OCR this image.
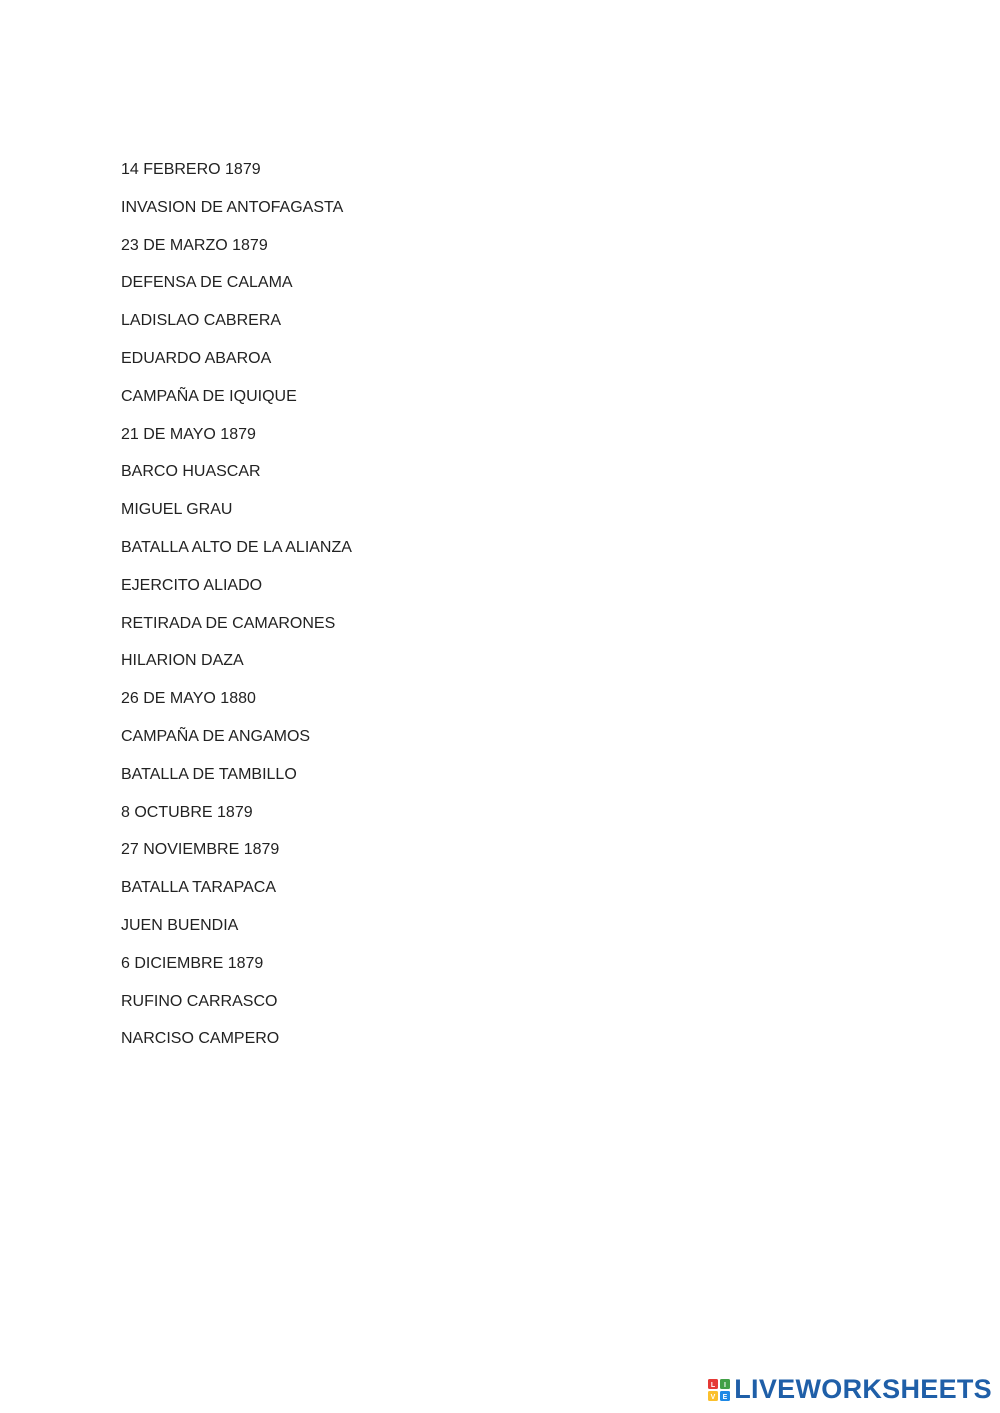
14 FEBRERO 1879
INVASION DE ANTOFAGASTA
23 DE MARZO 1879
DEFENSA DE CALAMA
LADISLAO CABRERA
EDUARDO ABAROA
CAMPAÑA DE IQUIQUE
21 DE MAYO 1879
BARCO HUASCAR
MIGUEL GRAU
BATALLA ALTO DE LA ALIANZA
EJERCITO ALIADO
RETIRADA DE CAMARONES
HILARION DAZA
26 DE MAYO 1880
CAMPAÑA DE ANGAMOS
BATALLA DE TAMBILLO
8 OCTUBRE 1879
27 NOVIEMBRE 1879
BATALLA TARAPACA
JUEN BUENDIA
6 DICIEMBRE 1879
RUFINO CARRASCO
NARCISO CAMPERO
L I
V E LIVEWORKSHEETS
